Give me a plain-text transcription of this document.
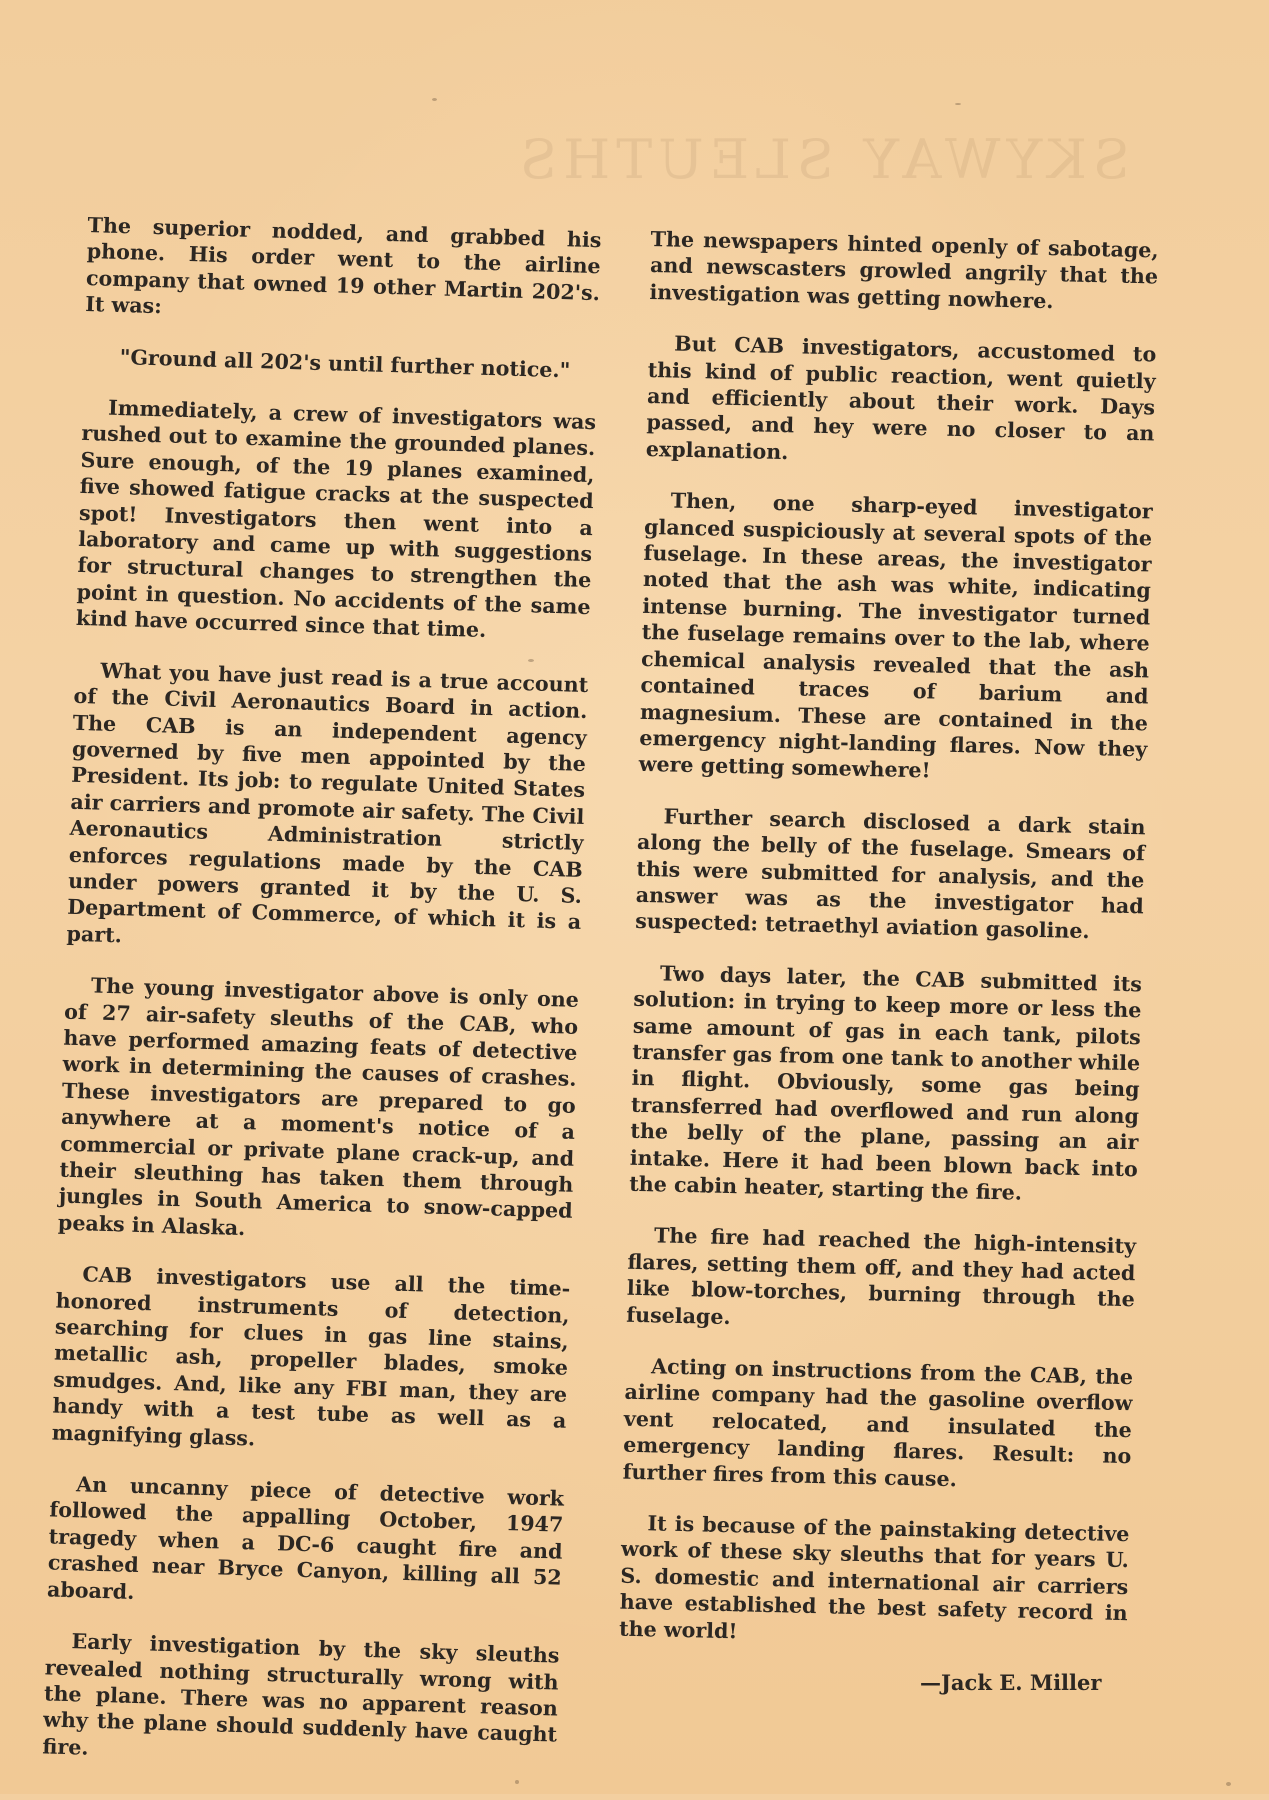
SKYWAY SLEUTHS

The superior nodded, and grabbed his phone. His order went to the airline company that owned 19 other Martin 202's. It was:

"Ground all 202's until further notice."

Immediately, a crew of investigators was rushed out to examine the grounded planes. Sure enough, of the 19 planes examined, five showed fatigue cracks at the suspected spot! Investigators then went into a laboratory and came up with suggestions for structural changes to strengthen the point in question. No accidents of the same kind have occurred since that time.

What you have just read is a true account of the Civil Aeronautics Board in action. The CAB is an independent agency governed by five men appointed by the President. Its job: to regulate United States air carriers and promote air safety. The Civil Aeronautics Administration strictly enforces regulations made by the CAB under powers granted it by the U. S. Department of Commerce, of which it is a part.

The young investigator above is only one of 27 air-safety sleuths of the CAB, who have performed amazing feats of detective work in determining the causes of crashes. These investigators are prepared to go anywhere at a moment's notice of a commercial or private plane crack-up, and their sleuthing has taken them through jungles in South America to snow-capped peaks in Alaska.

CAB investigators use all the time-honored instruments of detection, searching for clues in gas line stains, metallic ash, propeller blades, smoke smudges. And, like any FBI man, they are handy with a test tube as well as a magnifying glass.

An uncanny piece of detective work followed the appalling October, 1947 tragedy when a DC-6 caught fire and crashed near Bryce Canyon, killing all 52 aboard.

Early investigation by the sky sleuths revealed nothing structurally wrong with the plane. There was no apparent reason why the plane should suddenly have caught fire.

The newspapers hinted openly of sabotage, and newscasters growled angrily that the investigation was getting nowhere.

But CAB investigators, accustomed to this kind of public reaction, went quietly and efficiently about their work. Days passed, and hey were no closer to an explanation.

Then, one sharp-eyed investigator glanced suspiciously at several spots of the fuselage. In these areas, the investigator noted that the ash was white, indicating intense burning. The investigator turned the fuselage remains over to the lab, where chemical analysis revealed that the ash contained traces of barium and magnesium. These are contained in the emergency night-landing flares. Now they were getting somewhere!

Further search disclosed a dark stain along the belly of the fuselage. Smears of this were submitted for analysis, and the answer was as the investigator had suspected: tetraethyl aviation gasoline.

Two days later, the CAB submitted its solution: in trying to keep more or less the same amount of gas in each tank, pilots transfer gas from one tank to another while in flight. Obviously, some gas being transferred had overflowed and run along the belly of the plane, passing an air intake. Here it had been blown back into the cabin heater, starting the fire.

The fire had reached the high-intensity flares, setting them off, and they had acted like blow-torches, burning through the fuselage.

Acting on instructions from the CAB, the airline company had the gasoline overflow vent relocated, and insulated the emergency landing flares. Result: no further fires from this cause.

It is because of the painstaking detective work of these sky sleuths that for years U. S. domestic and international air carriers have established the best safety record in the world!

—Jack E. Miller
